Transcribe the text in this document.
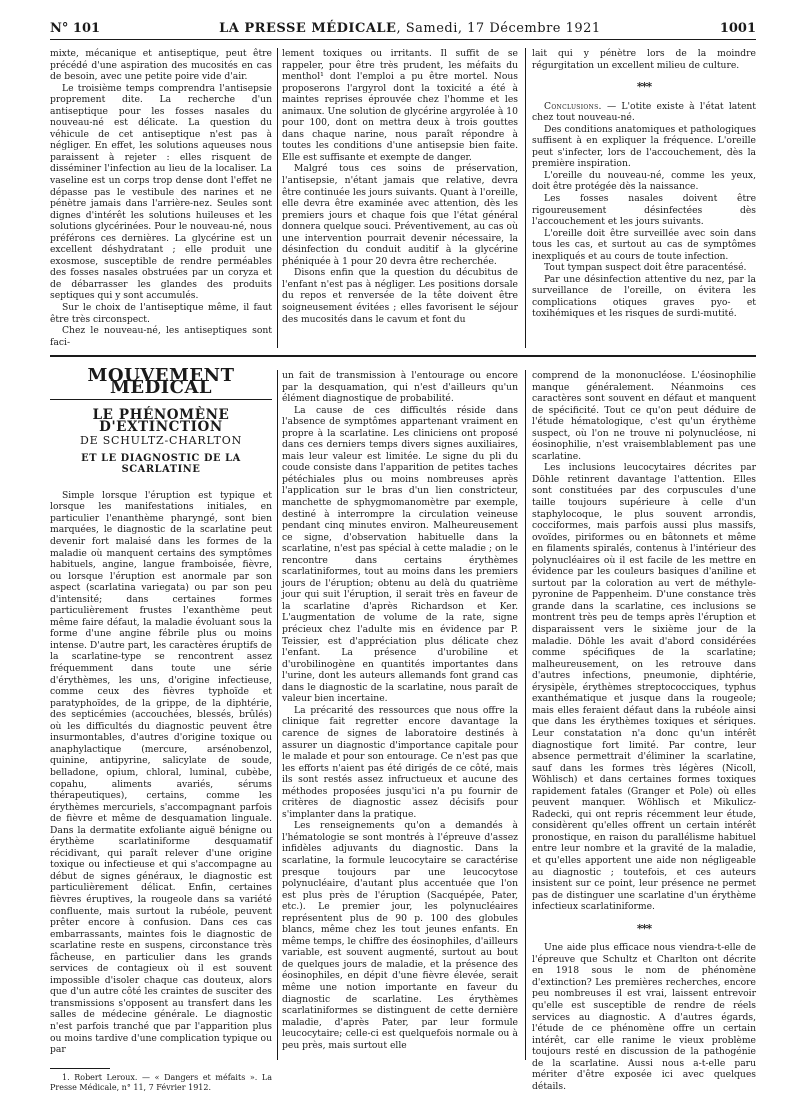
N° 101	LA PRESSE MÉDICALE, Samedi, 17 Décembre 1921	1001

mixte, mécanique et antiseptique, peut être précédé d'une aspiration des mucosités en cas de besoin, avec une petite poire vide d'air.

Le troisième temps comprendra l'antisepsie proprement dite. La recherche d'un antiseptique pour les fosses nasales du nouveau-né est délicate. La question du véhicule de cet antiseptique n'est pas à négliger. En effet, les solutions aqueuses nous paraissent à rejeter : elles risquent de disséminer l'infection au lieu de la localiser. La vaseline est un corps trop dense dont l'effet ne dépasse pas le vestibule des narines et ne pénètre jamais dans l'arrière-nez. Seules sont dignes d'intérêt les solutions huileuses et les solutions glycérinées. Pour le nouveau-né, nous préférons ces dernières. La glycérine est un excellent déshydratant ; elle produit une exosmose, susceptible de rendre perméables des fosses nasales obstruées par un coryza et de débarrasser les glandes des produits septiques qui y sont accumulés.

Sur le choix de l'antiseptique même, il faut être très circonspect.

Chez le nouveau-né, les antiseptiques sont faci-

lement toxiques ou irritants. Il suffit de se rappeler, pour être très prudent, les méfaits du menthol¹ dont l'emploi a pu être mortel. Nous proposerons l'argyrol dont la toxicité a été à maintes reprises éprouvée chez l'homme et les animaux. Une solution de glycérine argyrolée à 10 pour 100, dont on mettra deux à trois gouttes dans chaque narine, nous paraît répondre à toutes les conditions d'une antisepsie bien faite. Elle est suffisante et exempte de danger.

Malgré tous ces soins de préservation, l'antisepsie, n'étant jamais que relative, devra être continuée les jours suivants. Quant à l'oreille, elle devra être examinée avec attention, dès les premiers jours et chaque fois que l'état général donnera quelque souci. Préventivement, au cas où une intervention pourrait devenir nécessaire, la désinfection du conduit auditif à la glycérine phéniquée à 1 pour 20 devra être recherchée.

Disons enfin que la question du décubitus de l'enfant n'est pas à négliger. Les positions dorsale du repos et renversée de la tête doivent être soigneusement évitées ; elles favorisent le séjour des mucosités dans le cavum et font du

lait qui y pénètre lors de la moindre régurgitation un excellent milieu de culture.

***

Conclusions. — L'otite existe à l'état latent chez tout nouveau-né.

Des conditions anatomiques et pathologiques suffisent à en expliquer la fréquence. L'oreille peut s'infecter, lors de l'accouchement, dès la première inspiration.

L'oreille du nouveau-né, comme les yeux, doit être protégée dès la naissance.

Les fosses nasales doivent être rigoureusement désinfectées dès l'accouchement et les jours suivants.

L'oreille doit être surveillée avec soin dans tous les cas, et surtout au cas de symptômes inexpliqués et au cours de toute infection.

Tout tympan suspect doit être paracentésé.

Par une désinfection attentive du nez, par la surveillance de l'oreille, on évitera les complications otiques graves pyo- et toxihémiques et les risques de surdi-mutité.

MOUVEMENT MÉDICAL
LE PHÉNOMÈNE D'EXTINCTION
DE SCHULTZ-CHARLTON
ET LE DIAGNOSTIC DE LA SCARLATINE

Simple lorsque l'éruption est typique et lorsque les manifestations initiales, en particulier l'enanthème pharyngé, sont bien marquées, le diagnostic de la scarlatine peut devenir fort malaisé dans les formes de la maladie où manquent certains des symptômes habituels, angine, langue framboisée, fièvre, ou lorsque l'éruption est anormale par son aspect (scarlatina variegata) ou par son peu d'intensité; dans certaines formes particulièrement frustes l'exanthème peut même faire défaut, la maladie évoluant sous la forme d'une angine fébrile plus ou moins intense. D'autre part, les caractères éruptifs de la scarlatine-type se rencontrent assez fréquemment dans toute une série d'érythèmes, les uns, d'origine infectieuse, comme ceux des fièvres typhoïde et paratyphoïdes, de la grippe, de la diphtérie, des septicémies (accouchées, blessés, brûlés) où les difficultés du diagnostic peuvent être insurmontables, d'autres d'origine toxique ou anaphylactique (mercure, arsénobenzol, quinine, antipyrine, salicylate de soude, belladone, opium, chloral, luminal, cubèbe, copahu, aliments avariés, sérums thérapeutiques), certains, comme les érythèmes mercuriels, s'accompagnant parfois de fièvre et même de desquamation linguale. Dans la dermatite exfoliante aiguë bénigne ou érythème scarlatiniforme desquamatif récidivant, qui paraît relever d'une origine toxique ou infectieuse et qui s'accompagne au début de signes généraux, le diagnostic est particulièrement délicat. Enfin, certaines fièvres éruptives, la rougeole dans sa variété confluente, mais surtout la rubéole, peuvent prêter encore à confusion. Dans ces cas embarrassants, maintes fois le diagnostic de scarlatine reste en suspens, circonstance très fâcheuse, en particulier dans les grands services de contagieux où il est souvent impossible d'isoler chaque cas douteux, alors que d'un autre côté les craintes de susciter des transmissions s'opposent au transfert dans les salles de médecine générale. Le diagnostic n'est parfois tranché que par l'apparition plus ou moins tardive d'une complication typique ou par

1. Robert Leroux. — « Dangers et méfaits ». La Presse Médicale, n° 11, 7 Février 1912.

un fait de transmission à l'entourage ou encore par la desquamation, qui n'est d'ailleurs qu'un élément diagnostique de probabilité.

La cause de ces difficultés réside dans l'absence de symptômes appartenant vraiment en propre à la scarlatine. Les cliniciens ont proposé dans ces derniers temps divers signes auxiliaires, mais leur valeur est limitée. Le signe du pli du coude consiste dans l'apparition de petites taches pétéchiales plus ou moins nombreuses après l'application sur le bras d'un lien constricteur, manchette de sphygmomanomètre par exemple, destiné à interrompre la circulation veineuse pendant cinq minutes environ. Malheureusement ce signe, d'observation habituelle dans la scarlatine, n'est pas spécial à cette maladie ; on le rencontre dans certains érythèmes scarlatiniformes, tout au moins dans les premiers jours de l'éruption; obtenu au delà du quatrième jour qui suit l'éruption, il serait très en faveur de la scarlatine d'après Richardson et Ker. L'augmentation de volume de la rate, signe précieux chez l'adulte mis en évidence par P. Teissier, est d'appréciation plus délicate chez l'enfant. La présence d'urobiline et d'urobilinogène en quantités importantes dans l'urine, dont les auteurs allemands font grand cas dans le diagnostic de la scarlatine, nous paraît de valeur bien incertaine.

La précarité des ressources que nous offre la clinique fait regretter encore davantage la carence de signes de laboratoire destinés à assurer un diagnostic d'importance capitale pour le malade et pour son entourage. Ce n'est pas que les efforts n'aient pas été dirigés de ce côté, mais ils sont restés assez infructueux et aucune des méthodes proposées jusqu'ici n'a pu fournir de critères de diagnostic assez décisifs pour s'implanter dans la pratique.

Les renseignements qu'on a demandés à l'hématologie se sont montrés à l'épreuve d'assez infidèles adjuvants du diagnostic. Dans la scarlatine, la formule leucocytaire se caractérise presque toujours par une leucocytose polynucléaire, d'autant plus accentuée que l'on est plus près de l'éruption (Sacquépée, Pater, etc.). Le premier jour, les polynucléaires représentent plus de 90 p. 100 des globules blancs, même chez les tout jeunes enfants. En même temps, le chiffre des éosinophiles, d'ailleurs variable, est souvent augmenté, surtout au bout de quelques jours de maladie, et la présence des éosinophiles, en dépit d'une fièvre élevée, serait même une notion importante en faveur du diagnostic de scarlatine. Les érythèmes scarlatiniformes se distinguent de cette dernière maladie, d'après Pater, par leur formule leucocytaire; celle-ci est quelquefois normale ou à peu près, mais surtout elle

comprend de la mononucléose. L'éosinophilie manque généralement. Néanmoins ces caractères sont souvent en défaut et manquent de spécificité. Tout ce qu'on peut déduire de l'étude hématologique, c'est qu'un érythème suspect, où l'on ne trouve ni polynucléose, ni éosinophilie, n'est vraisemblablement pas une scarlatine.

Les inclusions leucocytaires décrites par Döhle retinrent davantage l'attention. Elles sont constituées par des corpuscules d'une taille toujours supérieure à celle d'un staphylocoque, le plus souvent arrondis, cocciformes, mais parfois aussi plus massifs, ovoïdes, piriformes ou en bâtonnets et même en filaments spiralés, contenus à l'intérieur des polynucléaires où il est facile de les mettre en évidence par les couleurs basiques d'aniline et surtout par la coloration au vert de méthyle-pyronine de Pappenheim. D'une constance très grande dans la scarlatine, ces inclusions se montrent très peu de temps après l'éruption et disparaissent vers le sixième jour de la maladie. Döhle les avait d'abord considérées comme spécifiques de la scarlatine; malheureusement, on les retrouve dans d'autres infections, pneumonie, diphtérie, érysipèle, érythèmes streptococciques, typhus exanthématique et jusque dans la rougeole; mais elles feraient défaut dans la rubéole ainsi que dans les érythèmes toxiques et sériques. Leur constatation n'a donc qu'un intérêt diagnostique fort limité. Par contre, leur absence permettrait d'éliminer la scarlatine, sauf dans les formes très légères (Nicoll, Wöhlisch) et dans certaines formes toxiques rapidement fatales (Granger et Pole) où elles peuvent manquer. Wöhlisch et Mikulicz-Radecki, qui ont repris récemment leur étude, considèrent qu'elles offrent un certain intérêt pronostique, en raison du parallélisme habituel entre leur nombre et la gravité de la maladie, et qu'elles apportent une aide non négligeable au diagnostic ; toutefois, et ces auteurs insistent sur ce point, leur présence ne permet pas de distinguer une scarlatine d'un érythème infectieux scarlatiniforme.

***

Une aide plus efficace nous viendra-t-elle de l'épreuve que Schultz et Charlton ont décrite en 1918 sous le nom de phénomène d'extinction? Les premières recherches, encore peu nombreuses il est vrai, laissent entrevoir qu'elle est susceptible de rendre de réels services au diagnostic. A d'autres égards, l'étude de ce phénomène offre un certain intérêt, car elle ranime le vieux problème toujours resté en discussion de la pathogénie de la scarlatine. Aussi nous a-t-elle paru mériter d'être exposée ici avec quelques détails.
